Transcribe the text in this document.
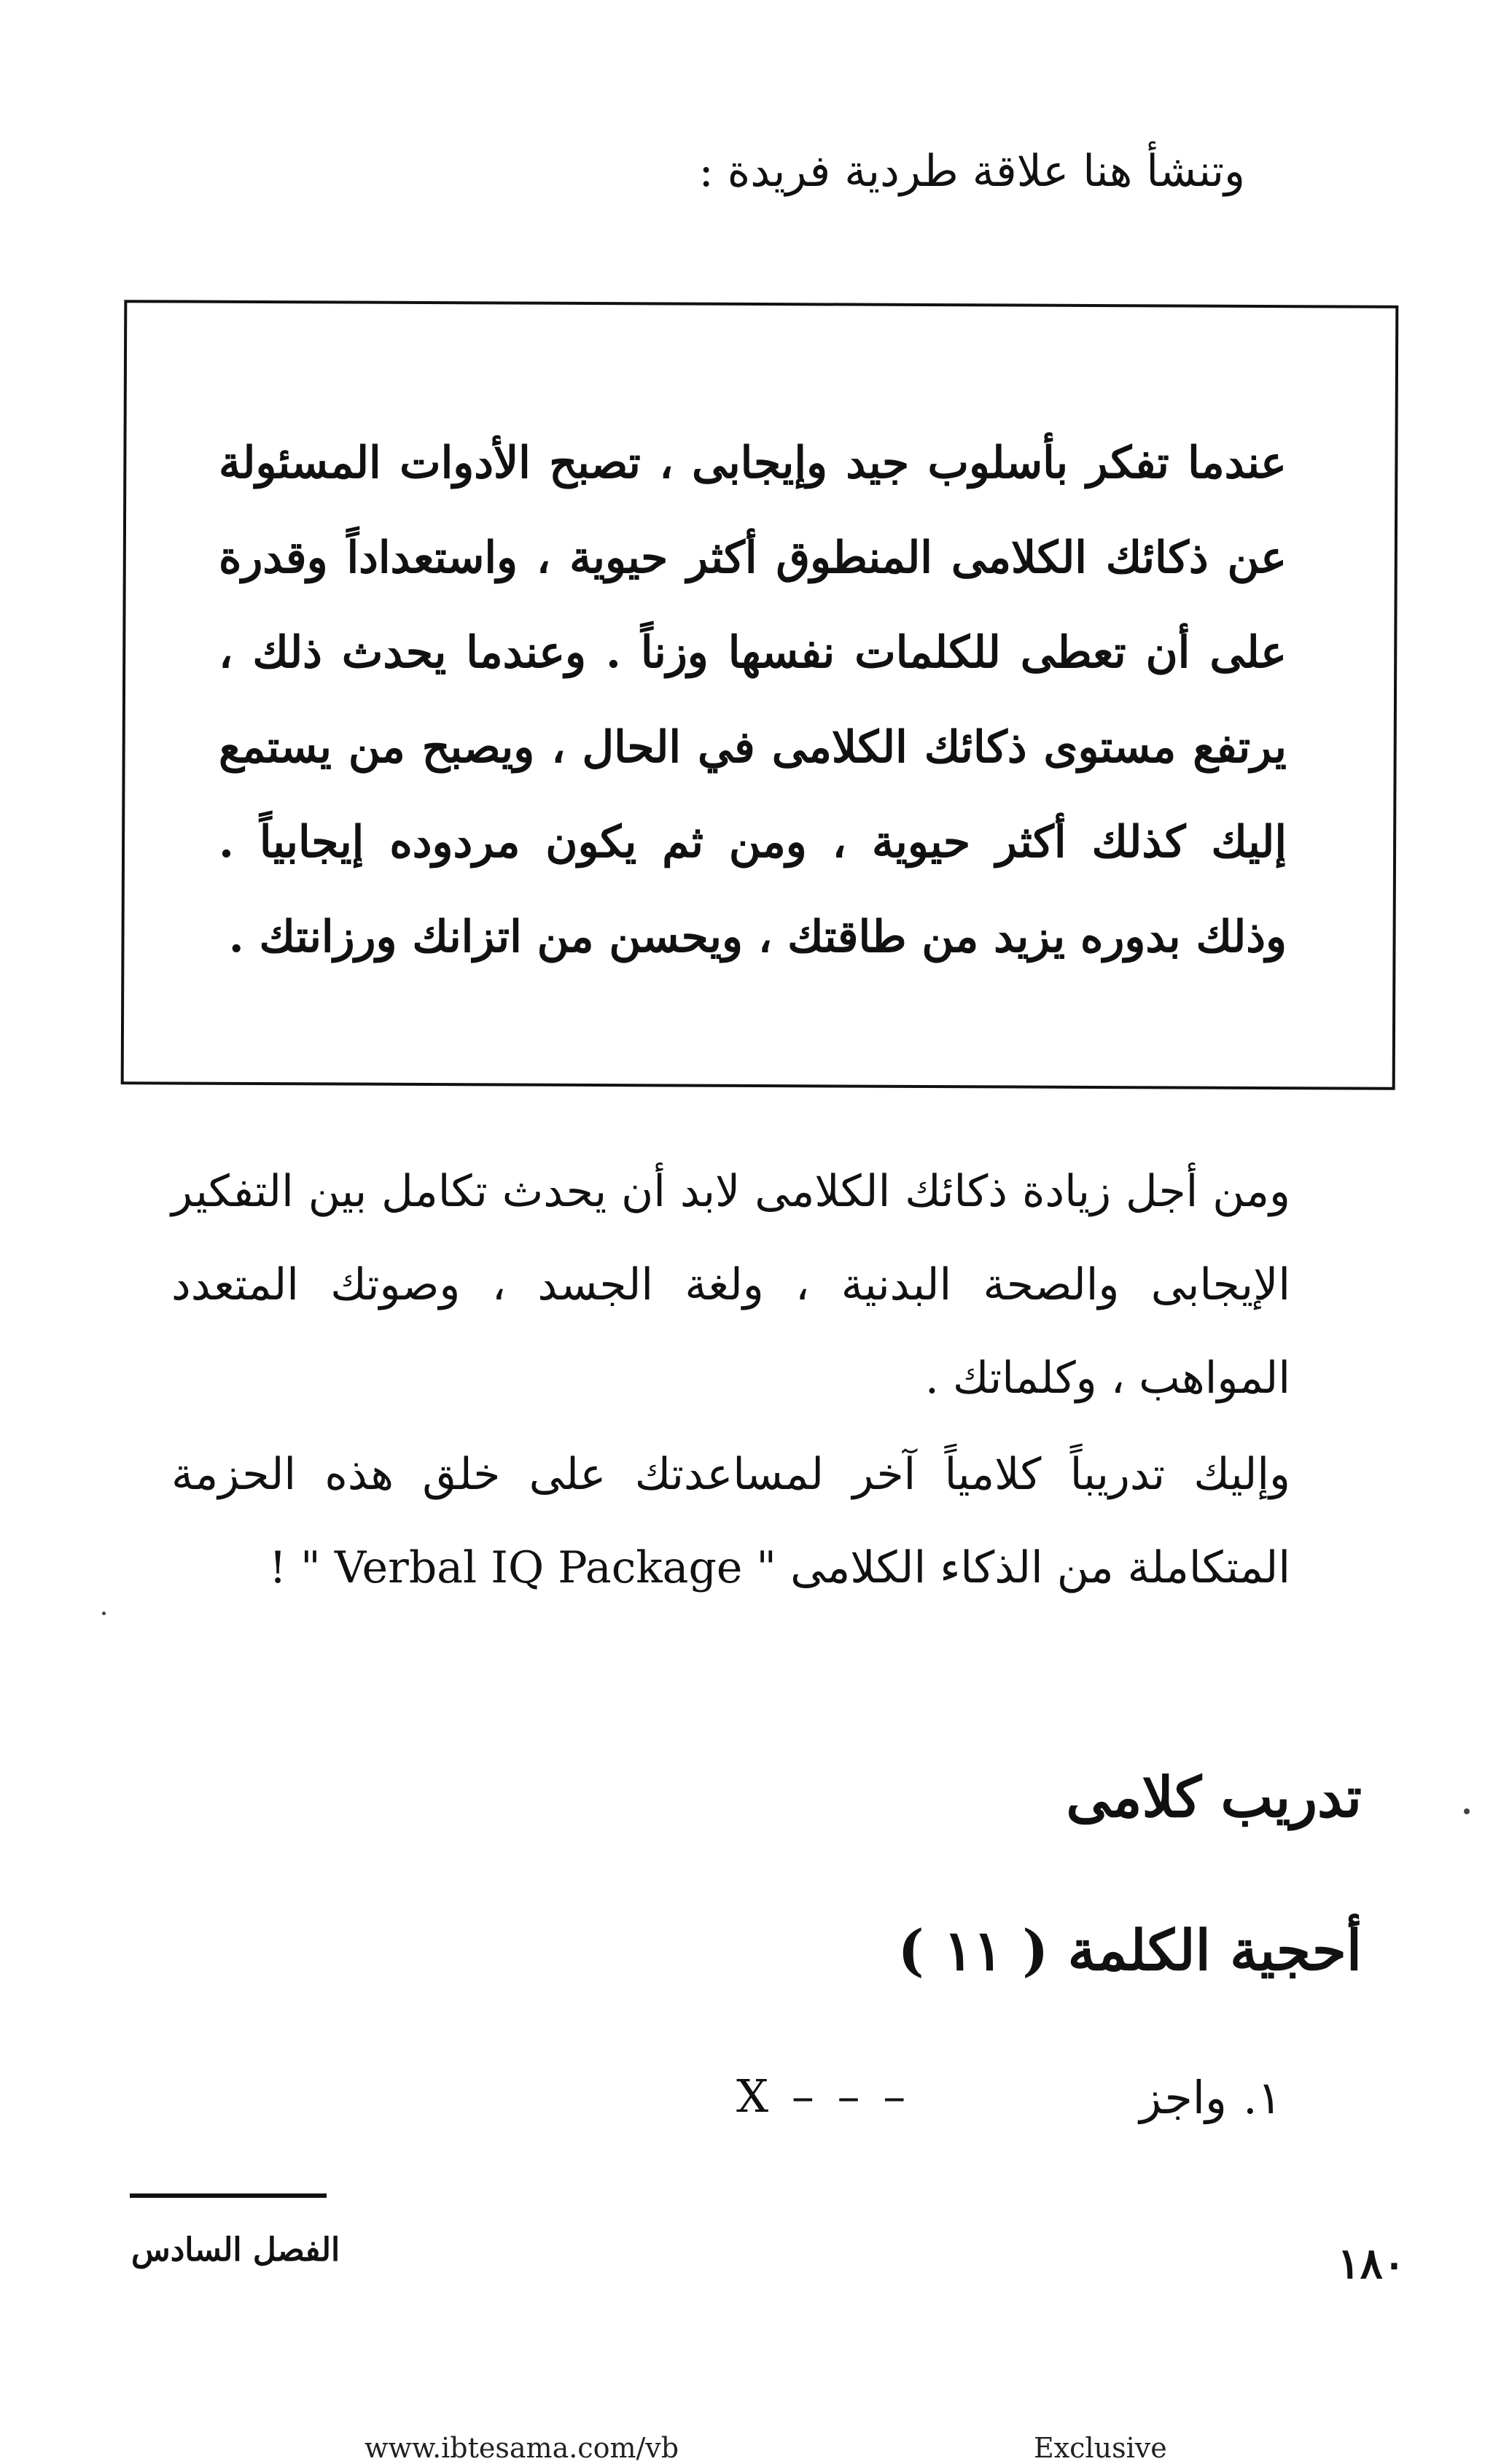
وتنشأ هنا علاقة طردية فريدة :
عندما تفكر بأسلوب جيد وإيجابى ، تصبح الأدوات المسئولة عن ذكائك الكلامى المنطوق أكثر حيوية ، واستعداداً وقدرة على أن تعطى للكلمات نفسها وزناً . وعندما يحدث ذلك ، يرتفع مستوى ذكائك الكلامى في الحال ، ويصبح من يستمع إليك كذلك أكثر حيوية ، ومن ثم يكون مردوده إيجابياً . وذلك بدوره يزيد من طاقتك ، ويحسن من اتزانك ورزانتك .
ومن أجل زيادة ذكائك الكلامى لابد أن يحدث تكامل بين التفكير الإيجابى والصحة البدنية ، ولغة الجسد ، وصوتك المتعدد المواهب ، وكلماتك .
وإليك تدريباً كلامياً آخر لمساعدتك على خلق هذه الحزمة المتكاملة من الذكاء الكلامى " Verbal IQ Package " !
تدريب كلامى
أحجية الكلمة ( ١١ )
١.واجز
X – – –
الفصل السادس	١٨٠
www.ibtesama.com/vb	Exclusive
